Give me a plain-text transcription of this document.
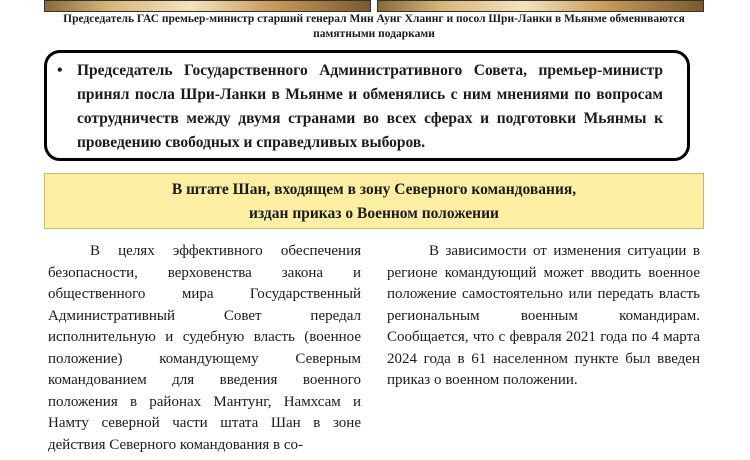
Председатель ГАС премьер-министр старший генерал Мин Аунг Хлаинг и посол Шри-Ланки в Мьянме обмениваются памятными подарками
• Председатель Государственного Административного Совета, премьер-министр принял посла Шри-Ланки в Мьянме и обменялись с ним мнениями по вопросам сотрудничеств между двумя странами во всех сферах и подготовки Мьянмы к проведению свободных и справедливых выборов.
В штате Шан, входящем в зону Северного командования,
издан приказ о Военном положении

В целях эффективного обеспечения безопасности, верховенства закона и общественного мира Государственный Административный Совет передал исполнительную и судебную власть (военное положение) командующему Северным командованием для введения военного положения в районах Мантунг, Намхсам и Намту северной части штата Шан в зоне действия Северного командования в со-

В зависимости от изменения ситуации в регионе командующий может вводить военное положение самостоятельно или передать власть региональным военным командирам. Сообщается, что с февраля 2021 года по 4 марта 2024 года в 61 населенном пункте был введен приказ о военном положении.
